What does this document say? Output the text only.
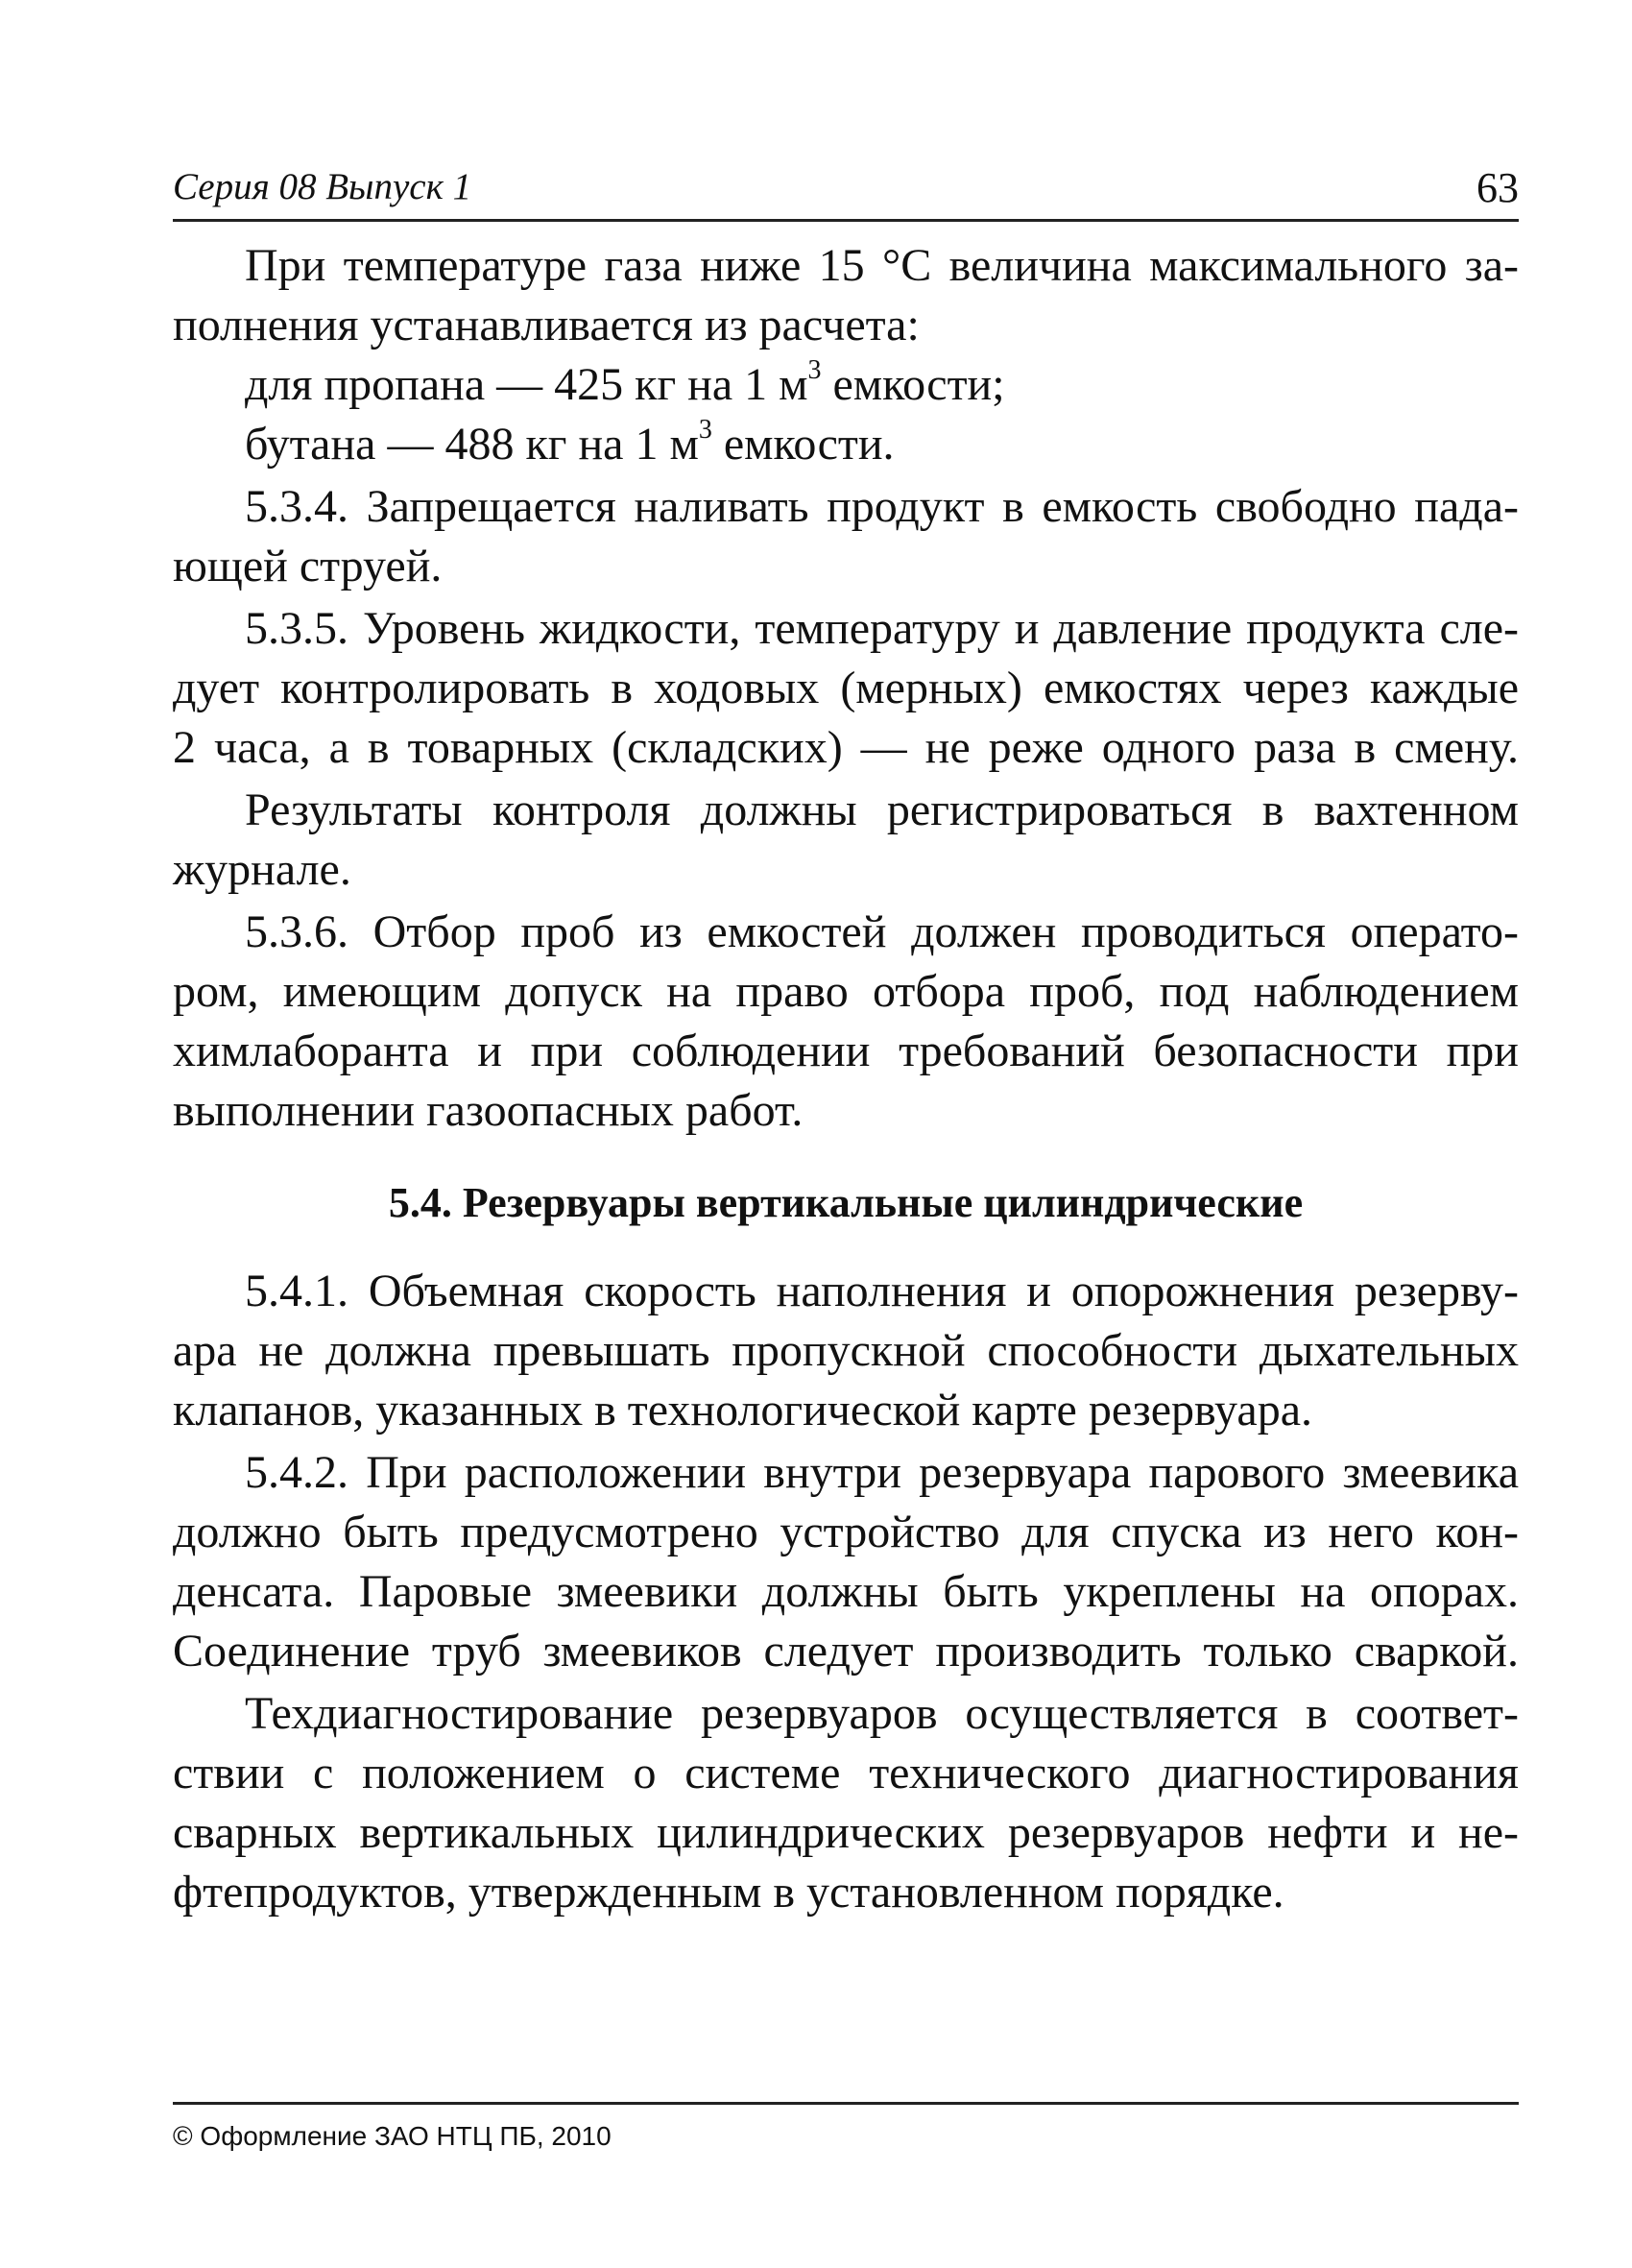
Серия 08 Выпуск 1	63
При температуре газа ниже 15 °С величина максимального за-
полнения устанавливается из расчета:
для пропана — 425 кг на 1 $м^3$ емкости;
бутана — 488 кг на 1 $м^3$ емкости.
5.3.4. Запрещается наливать продукт в емкость свободно пада-
ющей струей.
5.3.5. Уровень жидкости, температуру и давление продукта сле-
дует контролировать в ходовых (мерных) емкостях через каждые
2 часа, а в товарных (складских) — не реже одного раза в смену.
Результаты контроля должны регистрироваться в вахтенном
журнале.
5.3.6. Отбор проб из емкостей должен проводиться операто-
ром, имеющим допуск на право отбора проб, под наблюдением
химлаборанта и при соблюдении требований безопасности при
выполнении газоопасных работ.
5.4. Резервуары вертикальные цилиндрические
5.4.1. Объемная скорость наполнения и опорожнения резерву-
ара не должна превышать пропускной способности дыхательных
клапанов, указанных в технологической карте резервуара.
5.4.2. При расположении внутри резервуара парового змеевика
должно быть предусмотрено устройство для спуска из него кон-
денсата. Паровые змеевики должны быть укреплены на опорах.
Соединение труб змеевиков следует производить только сваркой.
Техдиагностирование резервуаров осуществляется в соответ-
ствии с положением о системе технического диагностирования
сварных вертикальных цилиндрических резервуаров нефти и не-
фтепродуктов, утвержденным в установленном порядке.
© Оформление ЗАО НТЦ ПБ, 2010
